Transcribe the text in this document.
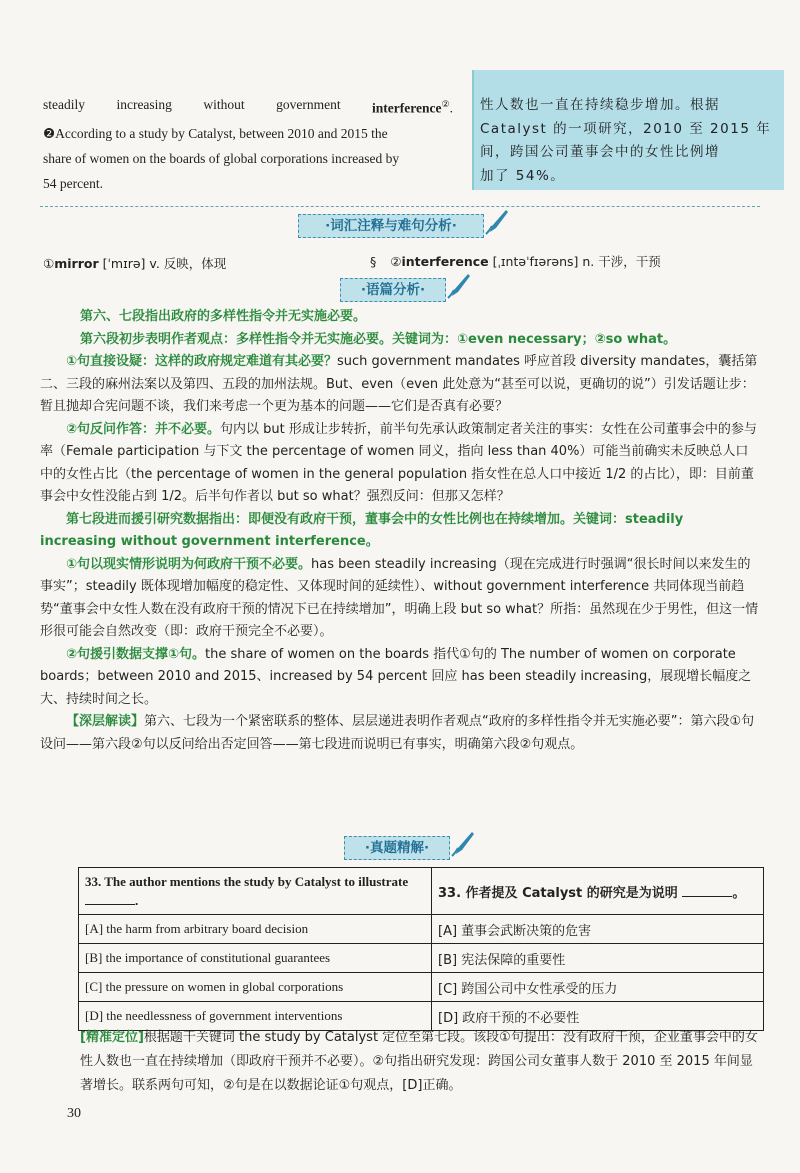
steadily increasing without government interference②.
❷According to a study by Catalyst, between 2010 and 2015 the
share of women on the boards of global corporations increased by
54 percent.
性人数也一直在持续稳步增加。根据
Catalyst 的一项研究，2010 至 2015 年
间，跨国公司董事会中的女性比例增
加了 54%。
·词汇注释与难句分析·
①mirror [ˈmɪrə] v. 反映，体现	§ ②interference [ˌɪntəˈfɪərəns] n. 干涉，干预
·语篇分析·

第六、七段指出政府的多样性指令并无实施必要。

第六段初步表明作者观点：多样性指令并无实施必要。关键词为：①even necessary；②so what。

①句直接设疑：这样的政府规定难道有其必要？such government mandates 呼应首段 diversity mandates，囊括第二、三段的麻州法案以及第四、五段的加州法规。But、even（even 此处意为“甚至可以说，更确切的说”）引发话题让步：暂且抛却合宪问题不谈，我们来考虑一个更为基本的问题——它们是否真有必要？

②句反问作答：并不必要。句内以 but 形成让步转折，前半句先承认政策制定者关注的事实：女性在公司董事会中的参与率（Female participation 与下文 the percentage of women 同义，指向 less than 40%）可能当前确实未反映总人口中的女性占比（the percentage of women in the general population 指女性在总人口中接近 1/2 的占比），即：目前董事会中女性没能占到 1/2。后半句作者以 but so what？强烈反问：但那又怎样？

第七段进而援引研究数据指出：即便没有政府干预，董事会中的女性比例也在持续增加。关键词：steadily increasing without government interference。

①句以现实情形说明为何政府干预不必要。has been steadily increasing（现在完成进行时强调“很长时间以来发生的事实”；steadily 既体现增加幅度的稳定性、又体现时间的延续性）、without government interference 共同体现当前趋势“董事会中女性人数在没有政府干预的情况下已在持续增加”，明确上段 but so what？所指：虽然现在少于男性，但这一情形很可能会自然改变（即：政府干预完全不必要）。

②句援引数据支撑①句。the share of women on the boards 指代①句的 The number of women on corporate boards；between 2010 and 2015、increased by 54 percent 回应 has been steadily increasing，展现增长幅度之大、持续时间之长。

【深层解读】第六、七段为一个紧密联系的整体、层层递进表明作者观点“政府的多样性指令并无实施必要”：第六段①句设问——第六段②句以反问给出否定回答——第七段进而说明已有事实，明确第六段②句观点。

·真题精解·
33. The author mentions the study by Catalyst to illustrate .	33. 作者提及 Catalyst 的研究是为说明 。
[A] the harm from arbitrary board decision	[A] 董事会武断决策的危害
[B] the importance of constitutional guarantees	[B] 宪法保障的重要性
[C] the pressure on women in global corporations	[C] 跨国公司中女性承受的压力
[D] the needlessness of government interventions	[D] 政府干预的不必要性
[精准定位]根据题干关键词 the study by Catalyst 定位至第七段。该段①句提出：没有政府干预，企业董事会中的女性人数也一直在持续增加（即政府干预并不必要）。②句指出研究发现：跨国公司女董事人数于 2010 至 2015 年间显著增长。联系两句可知，②句是在以数据论证①句观点，[D]正确。
30
